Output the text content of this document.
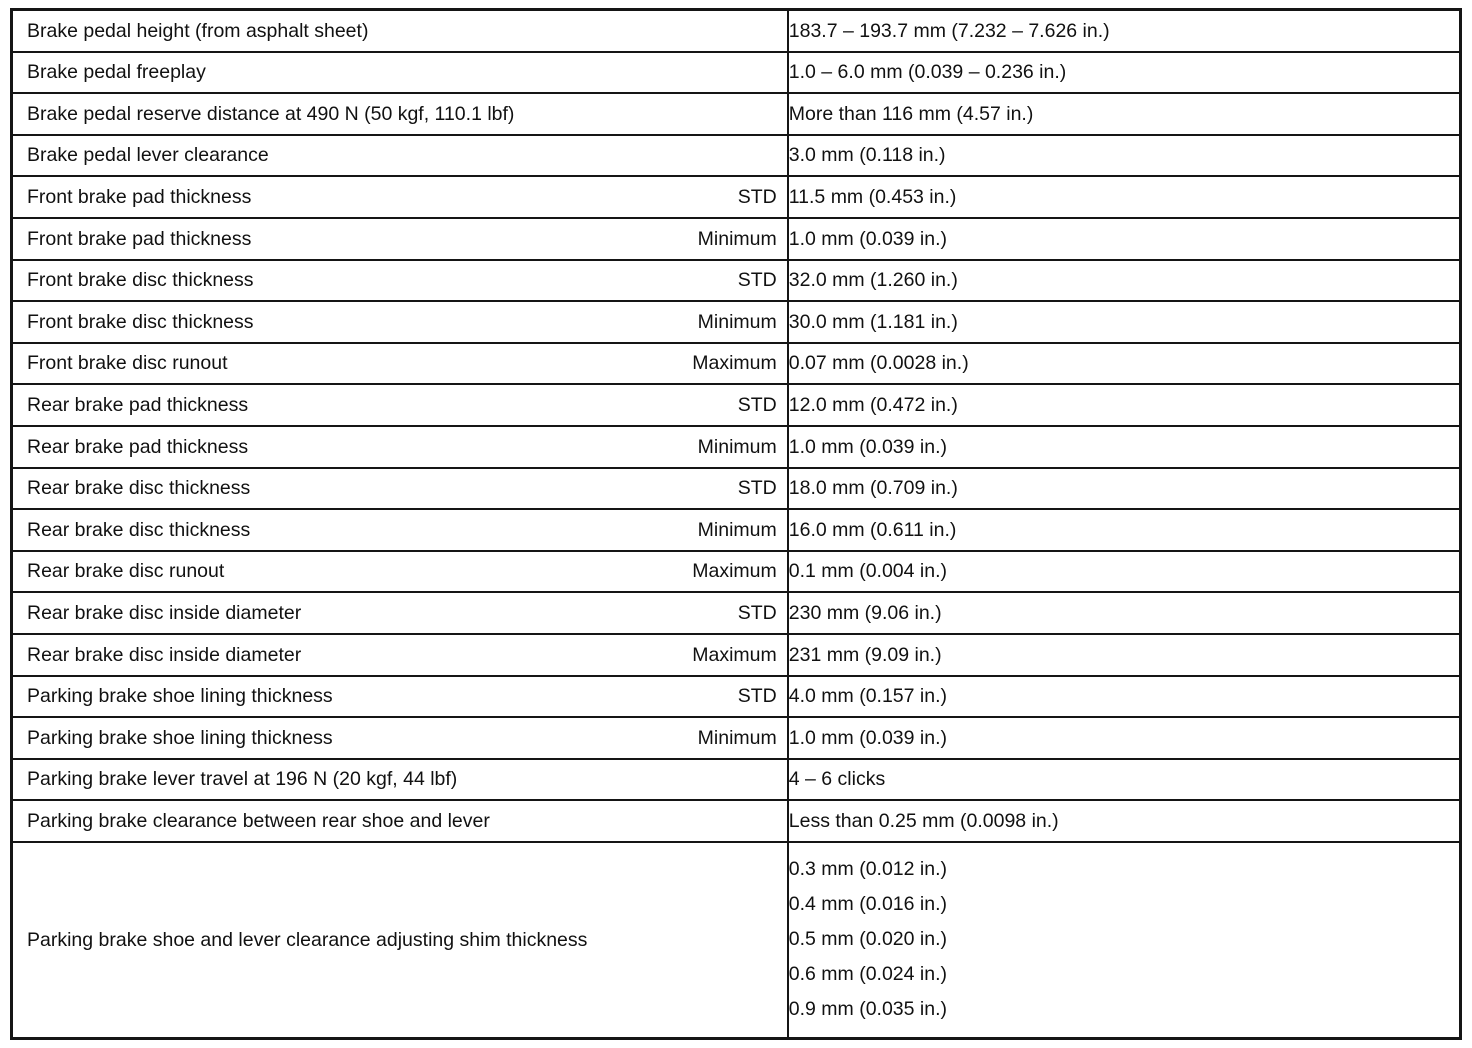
Brake pedal height (from asphalt sheet)	183.7 – 193.7 mm (7.232 – 7.626 in.)

Brake pedal freeplay	1.0 – 6.0 mm (0.039 – 0.236 in.)

Brake pedal reserve distance at 490 N (50 kgf, 110.1 lbf)	More than 116 mm (4.57 in.)

Brake pedal lever clearance	3.0 mm (0.118 in.)

Front brake pad thickness STD	11.5 mm (0.453 in.)

Front brake pad thickness Minimum	1.0 mm (0.039 in.)

Front brake disc thickness STD	32.0 mm (1.260 in.)

Front brake disc thickness Minimum	30.0 mm (1.181 in.)

Front brake disc runout Maximum	0.07 mm (0.0028 in.)

Rear brake pad thickness STD	12.0 mm (0.472 in.)

Rear brake pad thickness Minimum	1.0 mm (0.039 in.)

Rear brake disc thickness STD	18.0 mm (0.709 in.)

Rear brake disc thickness Minimum	16.0 mm (0.611 in.)

Rear brake disc runout Maximum	0.1 mm (0.004 in.)

Rear brake disc inside diameter STD	230 mm (9.06 in.)

Rear brake disc inside diameter Maximum	231 mm (9.09 in.)

Parking brake shoe lining thickness STD	4.0 mm (0.157 in.)

Parking brake shoe lining thickness Minimum	1.0 mm (0.039 in.)

Parking brake lever travel at 196 N (20 kgf, 44 lbf)	4 – 6 clicks

Parking brake clearance between rear shoe and lever	Less than 0.25 mm (0.0098 in.)

Parking brake shoe and lever clearance adjusting shim thickness	0.3 mm (0.012 in.)
0.4 mm (0.016 in.)
0.5 mm (0.020 in.)
0.6 mm (0.024 in.)
0.9 mm (0.035 in.)
